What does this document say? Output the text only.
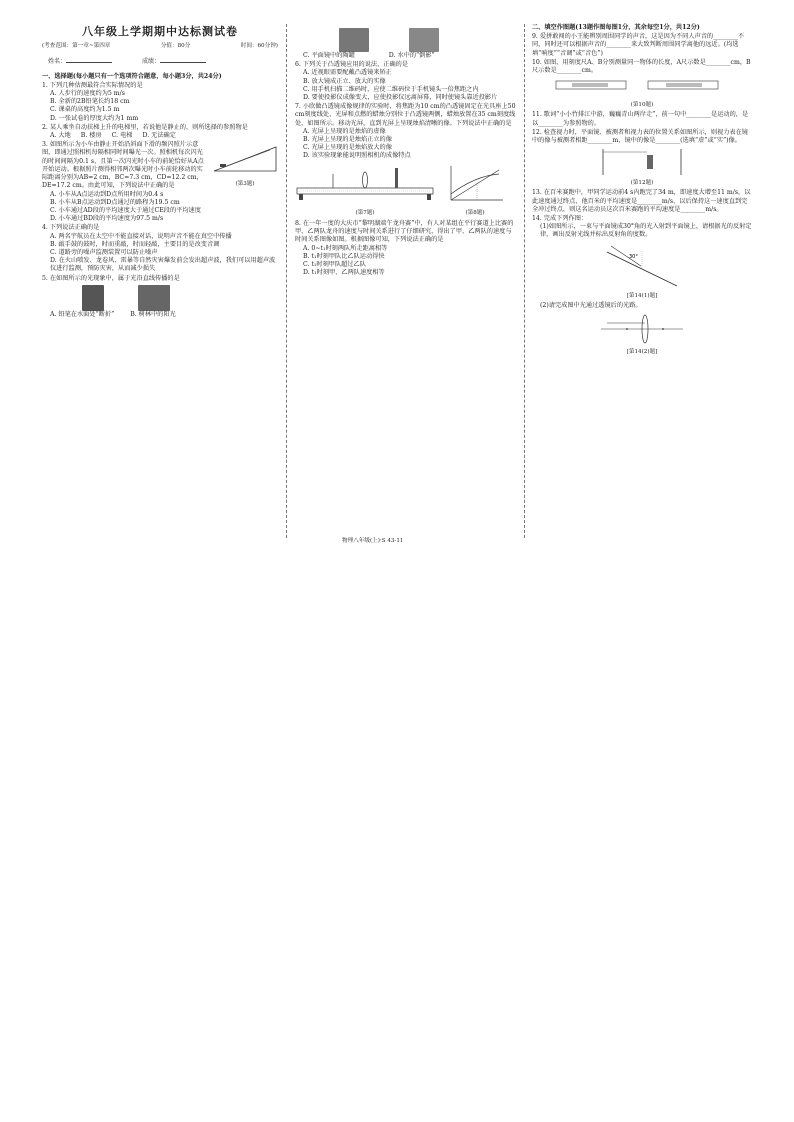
八年级上学期期中达标测试卷
(考查范围：第一章~第四章	分值：80分	时间：60分钟)
姓名：	成绩：
一、选择题(每小题只有一个选项符合题意，每小题3分，共24分)
1. 下列几种估测最符合实际情况的是
A. 人步行的速度约为5 m/s
B. 全新的2B铅笔长约18 cm
C. 课桌的高度约为1.5 m
D. 一张试卷的厚度大约为1 mm
2. 某人乘坐自动扶梯上升的电梯里，若说他是静止的，则所选择的参照物是
A. 大地 B. 楼房 C. 电梯 D. 无法确定
3. 如图所示为小车由静止开始沿斜面下滑的频闪照片示意图，即通过照相机每隔相同时间曝光一次。照相机每次闪光的时间间隔为0.1 s，且第一次闪光时小车的前轮恰好从A点开始运动。根据照片测得相邻两次曝光时小车前轮移动的实际距离分别为AB=2 cm，BC=7.3 cm，CD=12.2 cm，DE=17.2 cm。由此可知，下列说法中正确的是	(第3题)
A. 小车从A点运动到D点所用时间为0.4 s
B. 小车从B点运动到D点通过的路程为19.5 cm
C. 小车通过AD段的平均速度大于通过CE段的平均速度
D. 小车通过BD段的平均速度为97.5 m/s
4. 下列说法正确的是
A. 两名宇航员在太空中不能直接对话，说明声音不能在真空中传播
B. 敲手鼓的鼓时，时而重敲，时而轻敲，主要目的是改变音调
C. 道路旁的噪声监测装置可以防止噪声
D. 在火山喷发、龙卷风、雷暴等自然灾害爆发前会发出超声波，我们可以用超声波仪进行监测，预防灾害，从而减少损失
5. 在如图所示的光现象中，属于光沿直线传播的是
A. 铅笔在水面处“断折”	B. 树林中的阳光
C. 平面镜中的陶罐	D. 水中的“倒影”
6. 下列关于凸透镜应用的说法，正确的是
A. 近视眼需要配戴凸透镜来矫正
B. 放大镜成正立、放大的实像
C. 用手机扫描二维码时，应使二维码位于手机镜头一倍焦距之内
D. 要使投影仪成像变大，应使投影仪远离屏幕，同时使镜头靠近投影片
7. 小欣做凸透镜成像规律的实验时，将焦距为10 cm的凸透镜固定在光具座上50 cm刻度线处，光屏和点燃的蜡烛分别位于凸透镜两侧，蜡烛放置在35 cm刻度线处，如图所示。移动光屏，直到光屏上呈现烛焰清晰的像。下列说法中正确的是
A. 光屏上呈现的是烛焰的虚像
B. 光屏上呈现的是烛焰正立的像
C. 光屏上呈现的是烛焰放大的像
D. 该实验现象能说明照相机的成像特点
(第7题)	(第8题)
8. 在一年一度的大庆市“黎明湖端午龙舟赛”中，有人对某组在平行赛道上比赛的甲、乙两队龙舟的速度与时间关系进行了仔细研究，得出了甲、乙两队的速度与时间关系图像如图。根据图像可知，下列说法正确的是
A. 0~t₁时刻两队所走距离相等
B. t₁时刻甲队比乙队运动得快
C. t₁时刻甲队超过乙队
D. t₁时刻甲、乙两队速度相等
二、填空作图题(13题作图每图1分，其余每空1分，共12分)
9. 爱拼敢闯的小王能辨别周围同学的声音，这是因为不同人声音的________不同，同时还可以根据声音的________来大致判断周围同学离他的远近。(均选填“响度”“音调”或“音色”)
10. 如图，用刻度尺A、B分别测量同一物体的长度，A尺示数是________cm，B尺示数是________cm。
(第10题)
11. 歌词“小小竹排江中游，巍巍青山两岸走”，前一句中________是运动的，是以________为参照物的。
12. 检查视力时，平面镜、被测者和视力表的位置关系如图所示，则视力表在镜中的像与被测者相距________m，镜中的像是________(选填“虚”或“实”)像。
(第12题)
13. 在百米赛跑中，甲同学运动前4 s内跑完了34 m，即速度大增至11 m/s，以此速度通过终点，他百米的平均速度是________m/s，以后保持这一速度直到完全冲过终点，则这名运动员这次百米赛跑的平均速度是________m/s。
14. 完成下列作图：
(1)如图所示，一束与平面镜成30°角的光入射到平面镜上，请根据光的反射定律，画出反射光线并标出反射角的度数。
30°
[第14(1)题]
(2)请完成图中光通过透镜后的光路。
[第14(2)题]
物理八年级(上)·S 43-11
